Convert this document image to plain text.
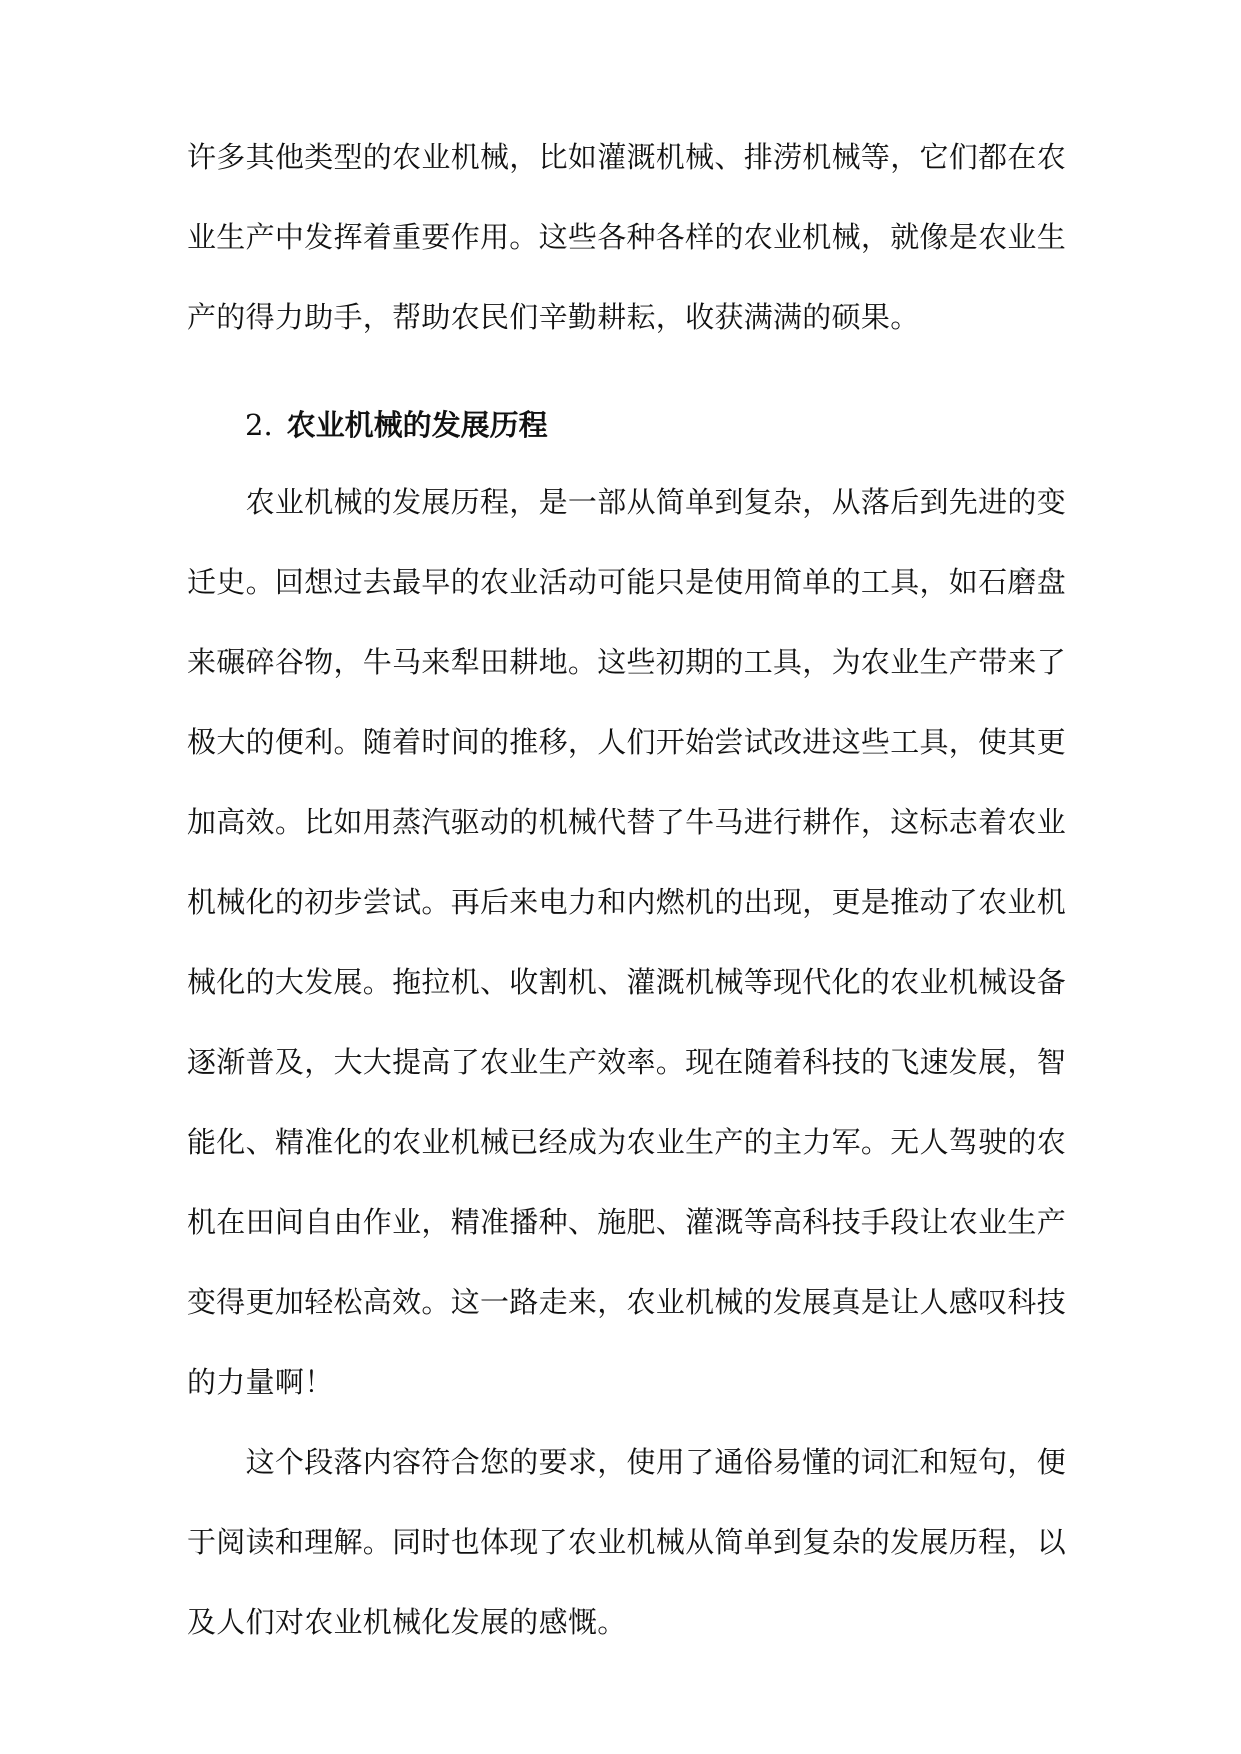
许多其他类型的农业机械，比如灌溉机械、排涝机械等，它们都在农
业生产中发挥着重要作用。这些各种各样的农业机械，就像是农业生
产的得力助手，帮助农民们辛勤耕耘，收获满满的硕果。
2. 农业机械的发展历程
　　农业机械的发展历程，是一部从简单到复杂，从落后到先进的变
迁史。回想过去最早的农业活动可能只是使用简单的工具，如石磨盘
来碾碎谷物，牛马来犁田耕地。这些初期的工具，为农业生产带来了
极大的便利。随着时间的推移，人们开始尝试改进这些工具，使其更
加高效。比如用蒸汽驱动的机械代替了牛马进行耕作，这标志着农业
机械化的初步尝试。再后来电力和内燃机的出现，更是推动了农业机
械化的大发展。拖拉机、收割机、灌溉机械等现代化的农业机械设备
逐渐普及，大大提高了农业生产效率。现在随着科技的飞速发展，智
能化、精准化的农业机械已经成为农业生产的主力军。无人驾驶的农
机在田间自由作业，精准播种、施肥、灌溉等高科技手段让农业生产
变得更加轻松高效。这一路走来，农业机械的发展真是让人感叹科技
的力量啊！
　　这个段落内容符合您的要求，使用了通俗易懂的词汇和短句，便
于阅读和理解。同时也体现了农业机械从简单到复杂的发展历程，以
及人们对农业机械化发展的感慨。
